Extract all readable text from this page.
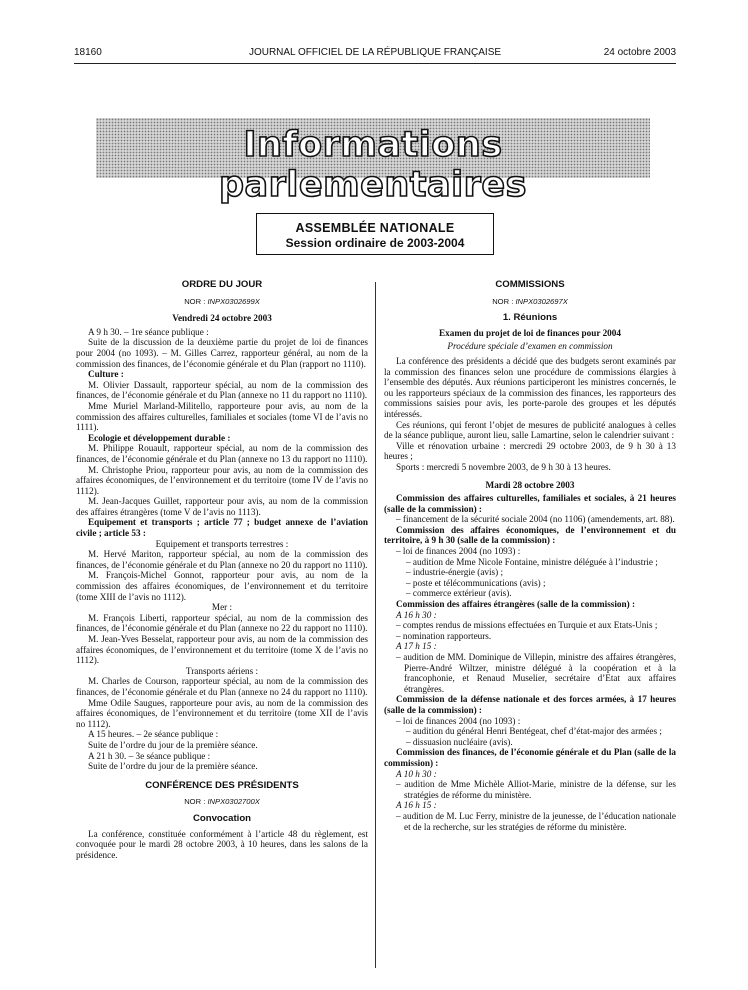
18160	JOURNAL OFFICIEL DE LA RÉPUBLIQUE FRANÇAISE	24 octobre 2003
Informations parlementaires
ASSEMBLÉE NATIONALE
Session ordinaire de 2003-2004
ORDRE DU JOUR
NOR : INPX0302699X
Vendredi 24 octobre 2003

A 9 h 30. – 1re séance publique :

Suite de la discussion de la deuxième partie du projet de loi de finances pour 2004 (no 1093). – M. Gilles Carrez, rapporteur général, au nom de la commission des finances, de l’économie générale et du Plan (rapport no 1110).

Culture :

M. Olivier Dassault, rapporteur spécial, au nom de la commission des finances, de l’économie générale et du Plan (annexe no 11 du rapport no 1110).

Mme Muriel Marland-Militello, rapporteure pour avis, au nom de la commission des affaires culturelles, familiales et sociales (tome VI de l’avis no 1111).

Ecologie et développement durable :

M. Philippe Rouault, rapporteur spécial, au nom de la commission des finances, de l’économie générale et du Plan (annexe no 13 du rapport no 1110).

M. Christophe Priou, rapporteur pour avis, au nom de la commission des affaires économiques, de l’environnement et du territoire (tome IV de l’avis no 1112).

M. Jean-Jacques Guillet, rapporteur pour avis, au nom de la commission des affaires étrangères (tome V de l’avis no 1113).

Equipement et transports ; article 77 ; budget annexe de l’aviation civile ; article 53 :

Equipement et transports terrestres :

M. Hervé Mariton, rapporteur spécial, au nom de la commission des finances, de l’économie générale et du Plan (annexe no 20 du rapport no 1110).

M. François-Michel Gonnot, rapporteur pour avis, au nom de la commission des affaires économiques, de l’environnement et du territoire (tome XIII de l’avis no 1112).

Mer :

M. François Liberti, rapporteur spécial, au nom de la commission des finances, de l’économie générale et du Plan (annexe no 22 du rapport no 1110).

M. Jean-Yves Besselat, rapporteur pour avis, au nom de la commission des affaires économiques, de l’environnement et du territoire (tome X de l’avis no 1112).

Transports aériens :

M. Charles de Courson, rapporteur spécial, au nom de la commission des finances, de l’économie générale et du Plan (annexe no 24 du rapport no 1110).

Mme Odile Saugues, rapporteure pour avis, au nom de la commission des affaires économiques, de l’environnement et du territoire (tome XII de l’avis no 1112).

A 15 heures. – 2e séance publique :

Suite de l’ordre du jour de la première séance.

A 21 h 30. – 3e séance publique :

Suite de l’ordre du jour de la première séance.

CONFÉRENCE DES PRÉSIDENTS
NOR : INPX0302700X
Convocation

La conférence, constituée conformément à l’article 48 du règlement, est convoquée pour le mardi 28 octobre 2003, à 10 heures, dans les salons de la présidence.

COMMISSIONS
NOR : INPX0302697X
1. Réunions
Examen du projet de loi de finances pour 2004
Procédure spéciale d’examen en commission

La conférence des présidents a décidé que des budgets seront examinés par la commission des finances selon une procédure de commissions élargies à l’ensemble des députés. Aux réunions participeront les ministres concernés, le ou les rapporteurs spéciaux de la commission des finances, les rapporteurs des commissions saisies pour avis, les porte-parole des groupes et les députés intéressés.

Ces réunions, qui feront l’objet de mesures de publicité analogues à celles de la séance publique, auront lieu, salle Lamartine, selon le calendrier suivant :

Ville et rénovation urbaine : mercredi 29 octobre 2003, de 9 h 30 à 13 heures ;

Sports : mercredi 5 novembre 2003, de 9 h 30 à 13 heures.

Mardi 28 octobre 2003

Commission des affaires culturelles, familiales et sociales, à 21 heures (salle de la commission) :

– financement de la sécurité sociale 2004 (no 1106) (amendements, art. 88).

Commission des affaires économiques, de l’environnement et du territoire, à 9 h 30 (salle de la commission) :

– loi de finances 2004 (no 1093) :

– audition de Mme Nicole Fontaine, ministre déléguée à l’industrie ;

– industrie-énergie (avis) ;

– poste et télécommunications (avis) ;

– commerce extérieur (avis).

Commission des affaires étrangères (salle de la commission) :

A 16 h 30 :

– comptes rendus de missions effectuées en Turquie et aux Etats-Unis ;

– nomination rapporteurs.

A 17 h 15 :

– audition de MM. Dominique de Villepin, ministre des affaires étrangères, Pierre-André Wiltzer, ministre délégué à la coopération et à la francophonie, et Renaud Muselier, secrétaire d’Etat aux affaires étrangères.

Commission de la défense nationale et des forces armées, à 17 heures (salle de la commission) :

– loi de finances 2004 (no 1093) :

– audition du général Henri Bentégeat, chef d’état-major des armées ;

– dissuasion nucléaire (avis).

Commission des finances, de l’économie générale et du Plan (salle de la commission) :

A 10 h 30 :

– audition de Mme Michèle Alliot-Marie, ministre de la défense, sur les stratégies de réforme du ministère.

A 16 h 15 :

– audition de M. Luc Ferry, ministre de la jeunesse, de l’éducation nationale et de la recherche, sur les stratégies de réforme du ministère.
